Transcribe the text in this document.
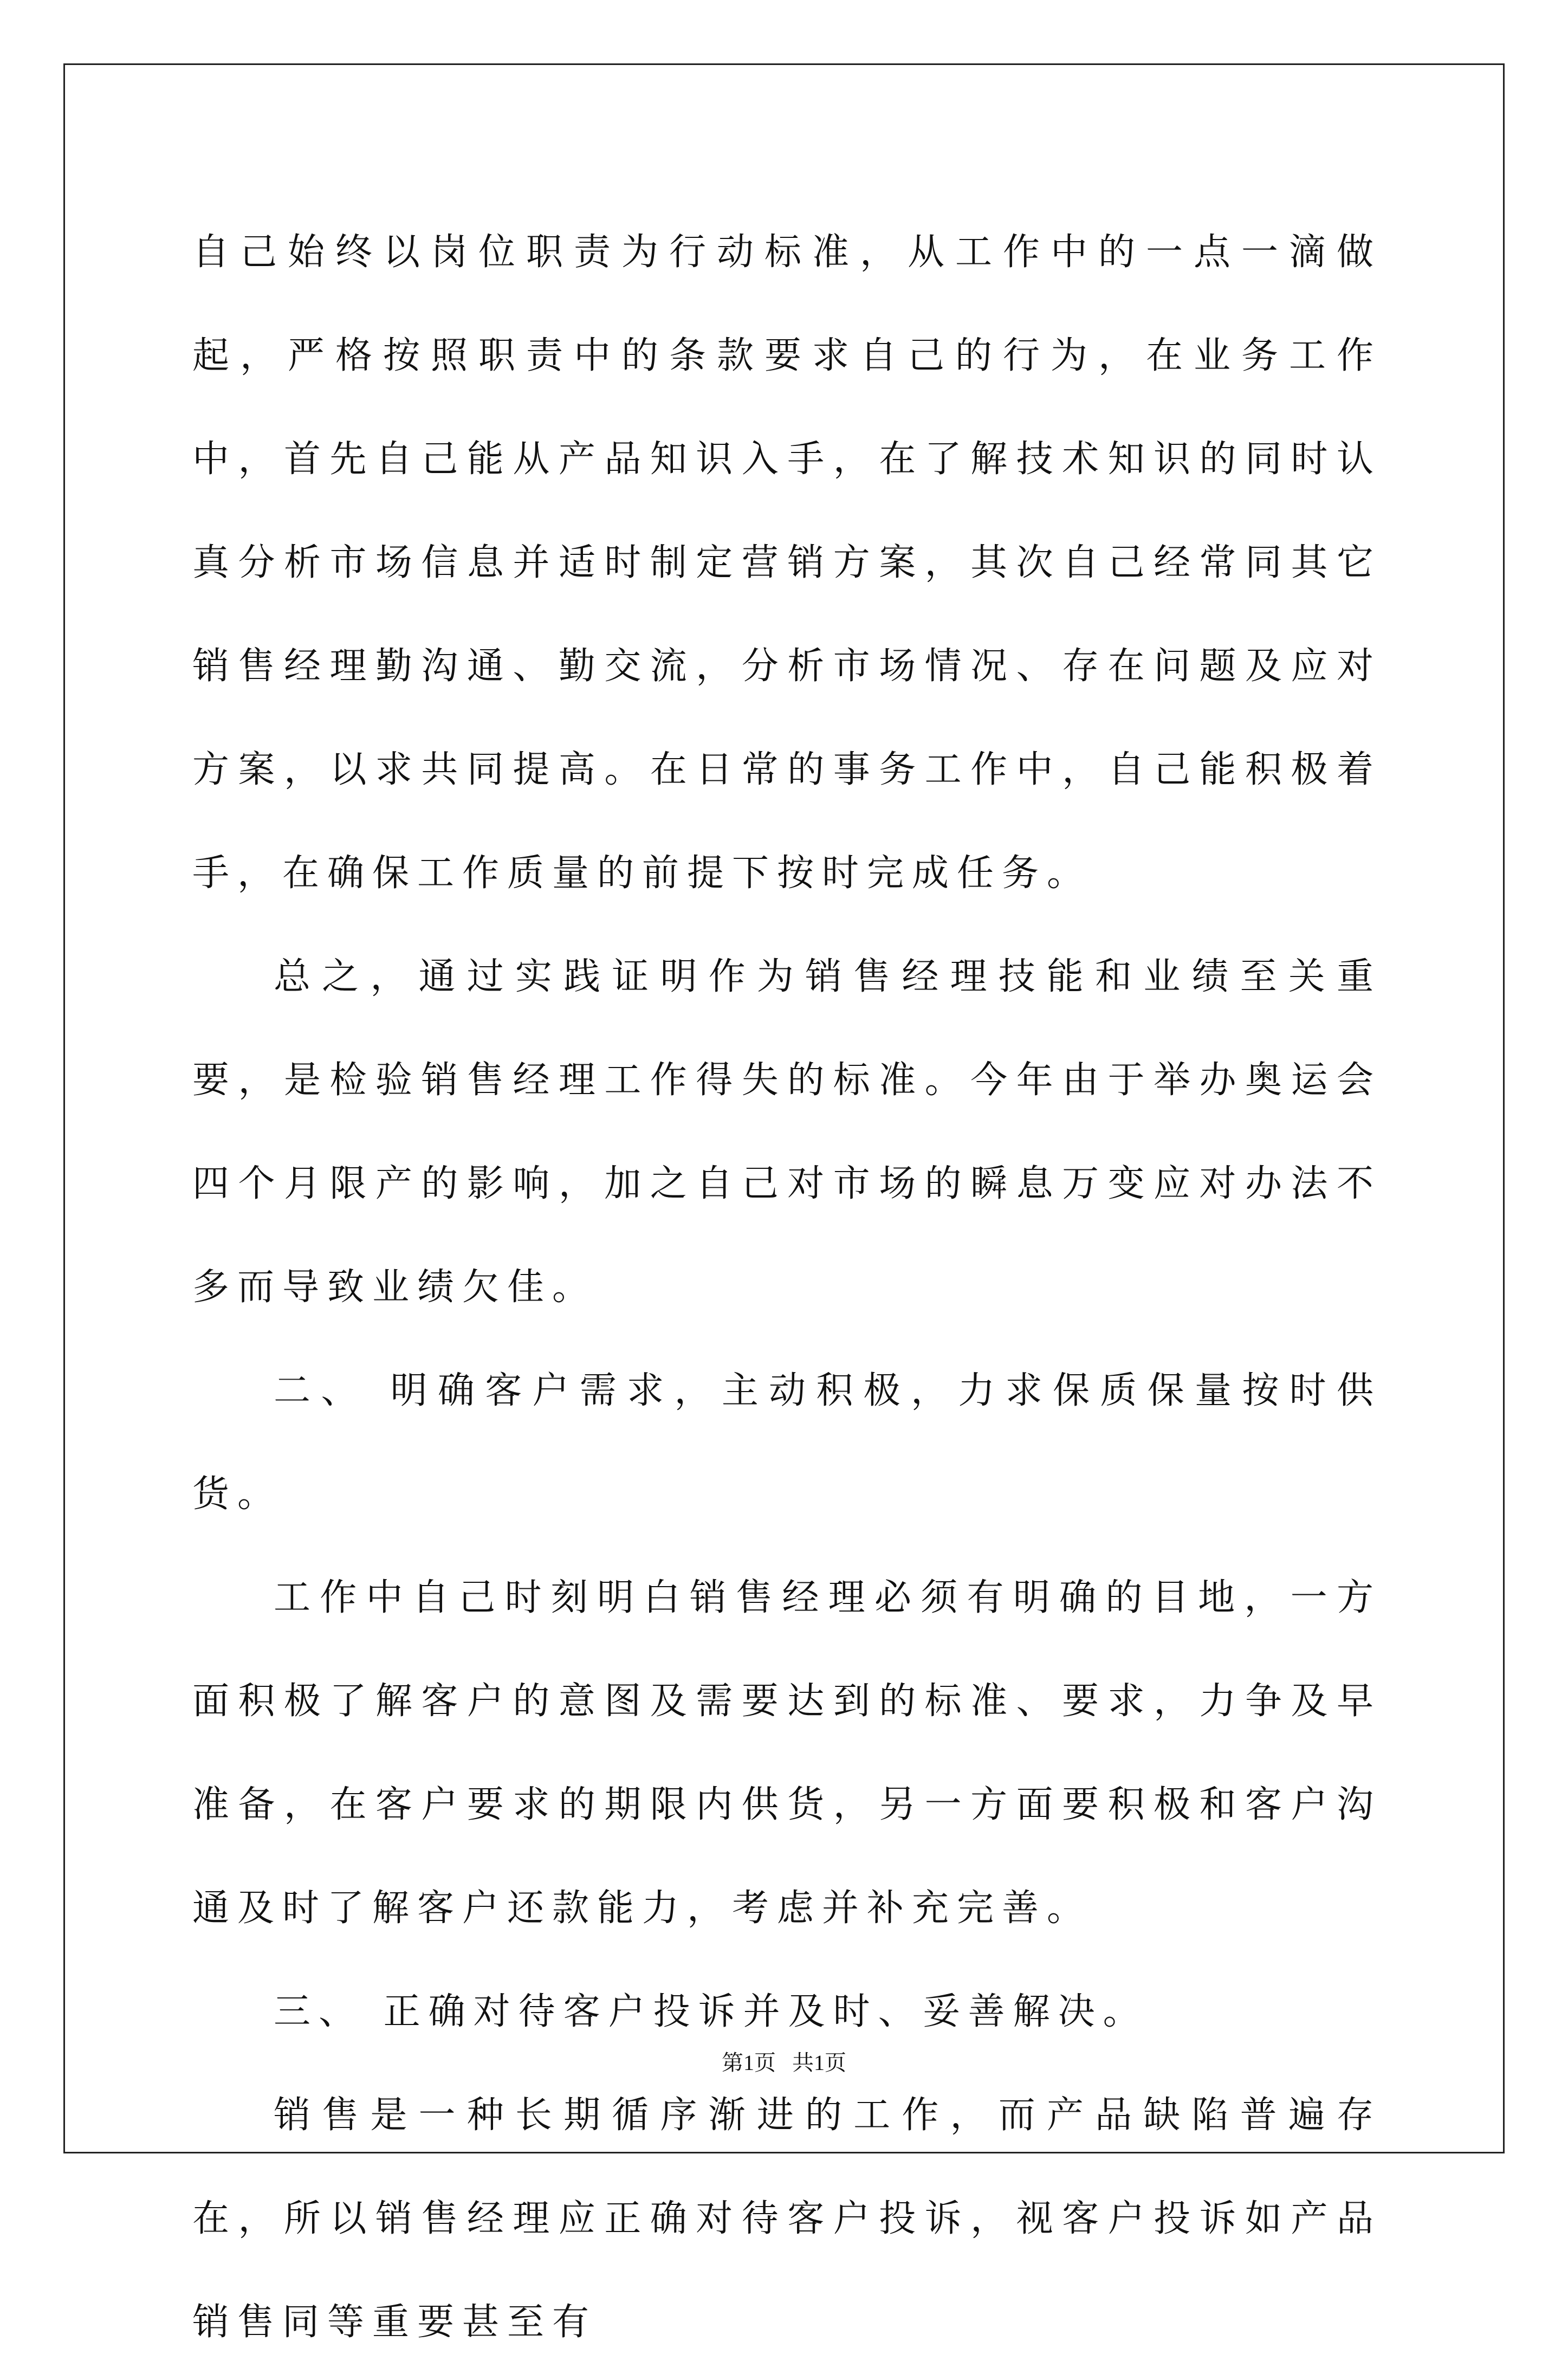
自己始终以岗位职责为行动标准，从工作中的一点一滴做起，严格按照职责中的条款要求自己的行为，在业务工作中，首先自己能从产品知识入手，在了解技术知识的同时认真分析市场信息并适时制定营销方案，其次自己经常同其它销售经理勤沟通、勤交流，分析市场情况、存在问题及应对方案，以求共同提高。在日常的事务工作中，自己能积极着手，在确保工作质量的前提下按时完成任务。

总之，通过实践证明作为销售经理技能和业绩至关重要，是检验销售经理工作得失的标准。今年由于举办奥运会四个月限产的影响，加之自己对市场的瞬息万变应对办法不多而导致业绩欠佳。

二、 明确客户需求，主动积极，力求保质保量按时供货。

工作中自己时刻明白销售经理必须有明确的目地，一方面积极了解客户的意图及需要达到的标准、要求，力争及早准备，在客户要求的期限内供货，另一方面要积极和客户沟通及时了解客户还款能力，考虑并补充完善。

三、 正确对待客户投诉并及时、妥善解决。

销售是一种长期循序渐进的工作，而产品缺陷普遍存在，所以销售经理应正确对待客户投诉，视客户投诉如产品销售同等重要甚至有

第1页 共1页
